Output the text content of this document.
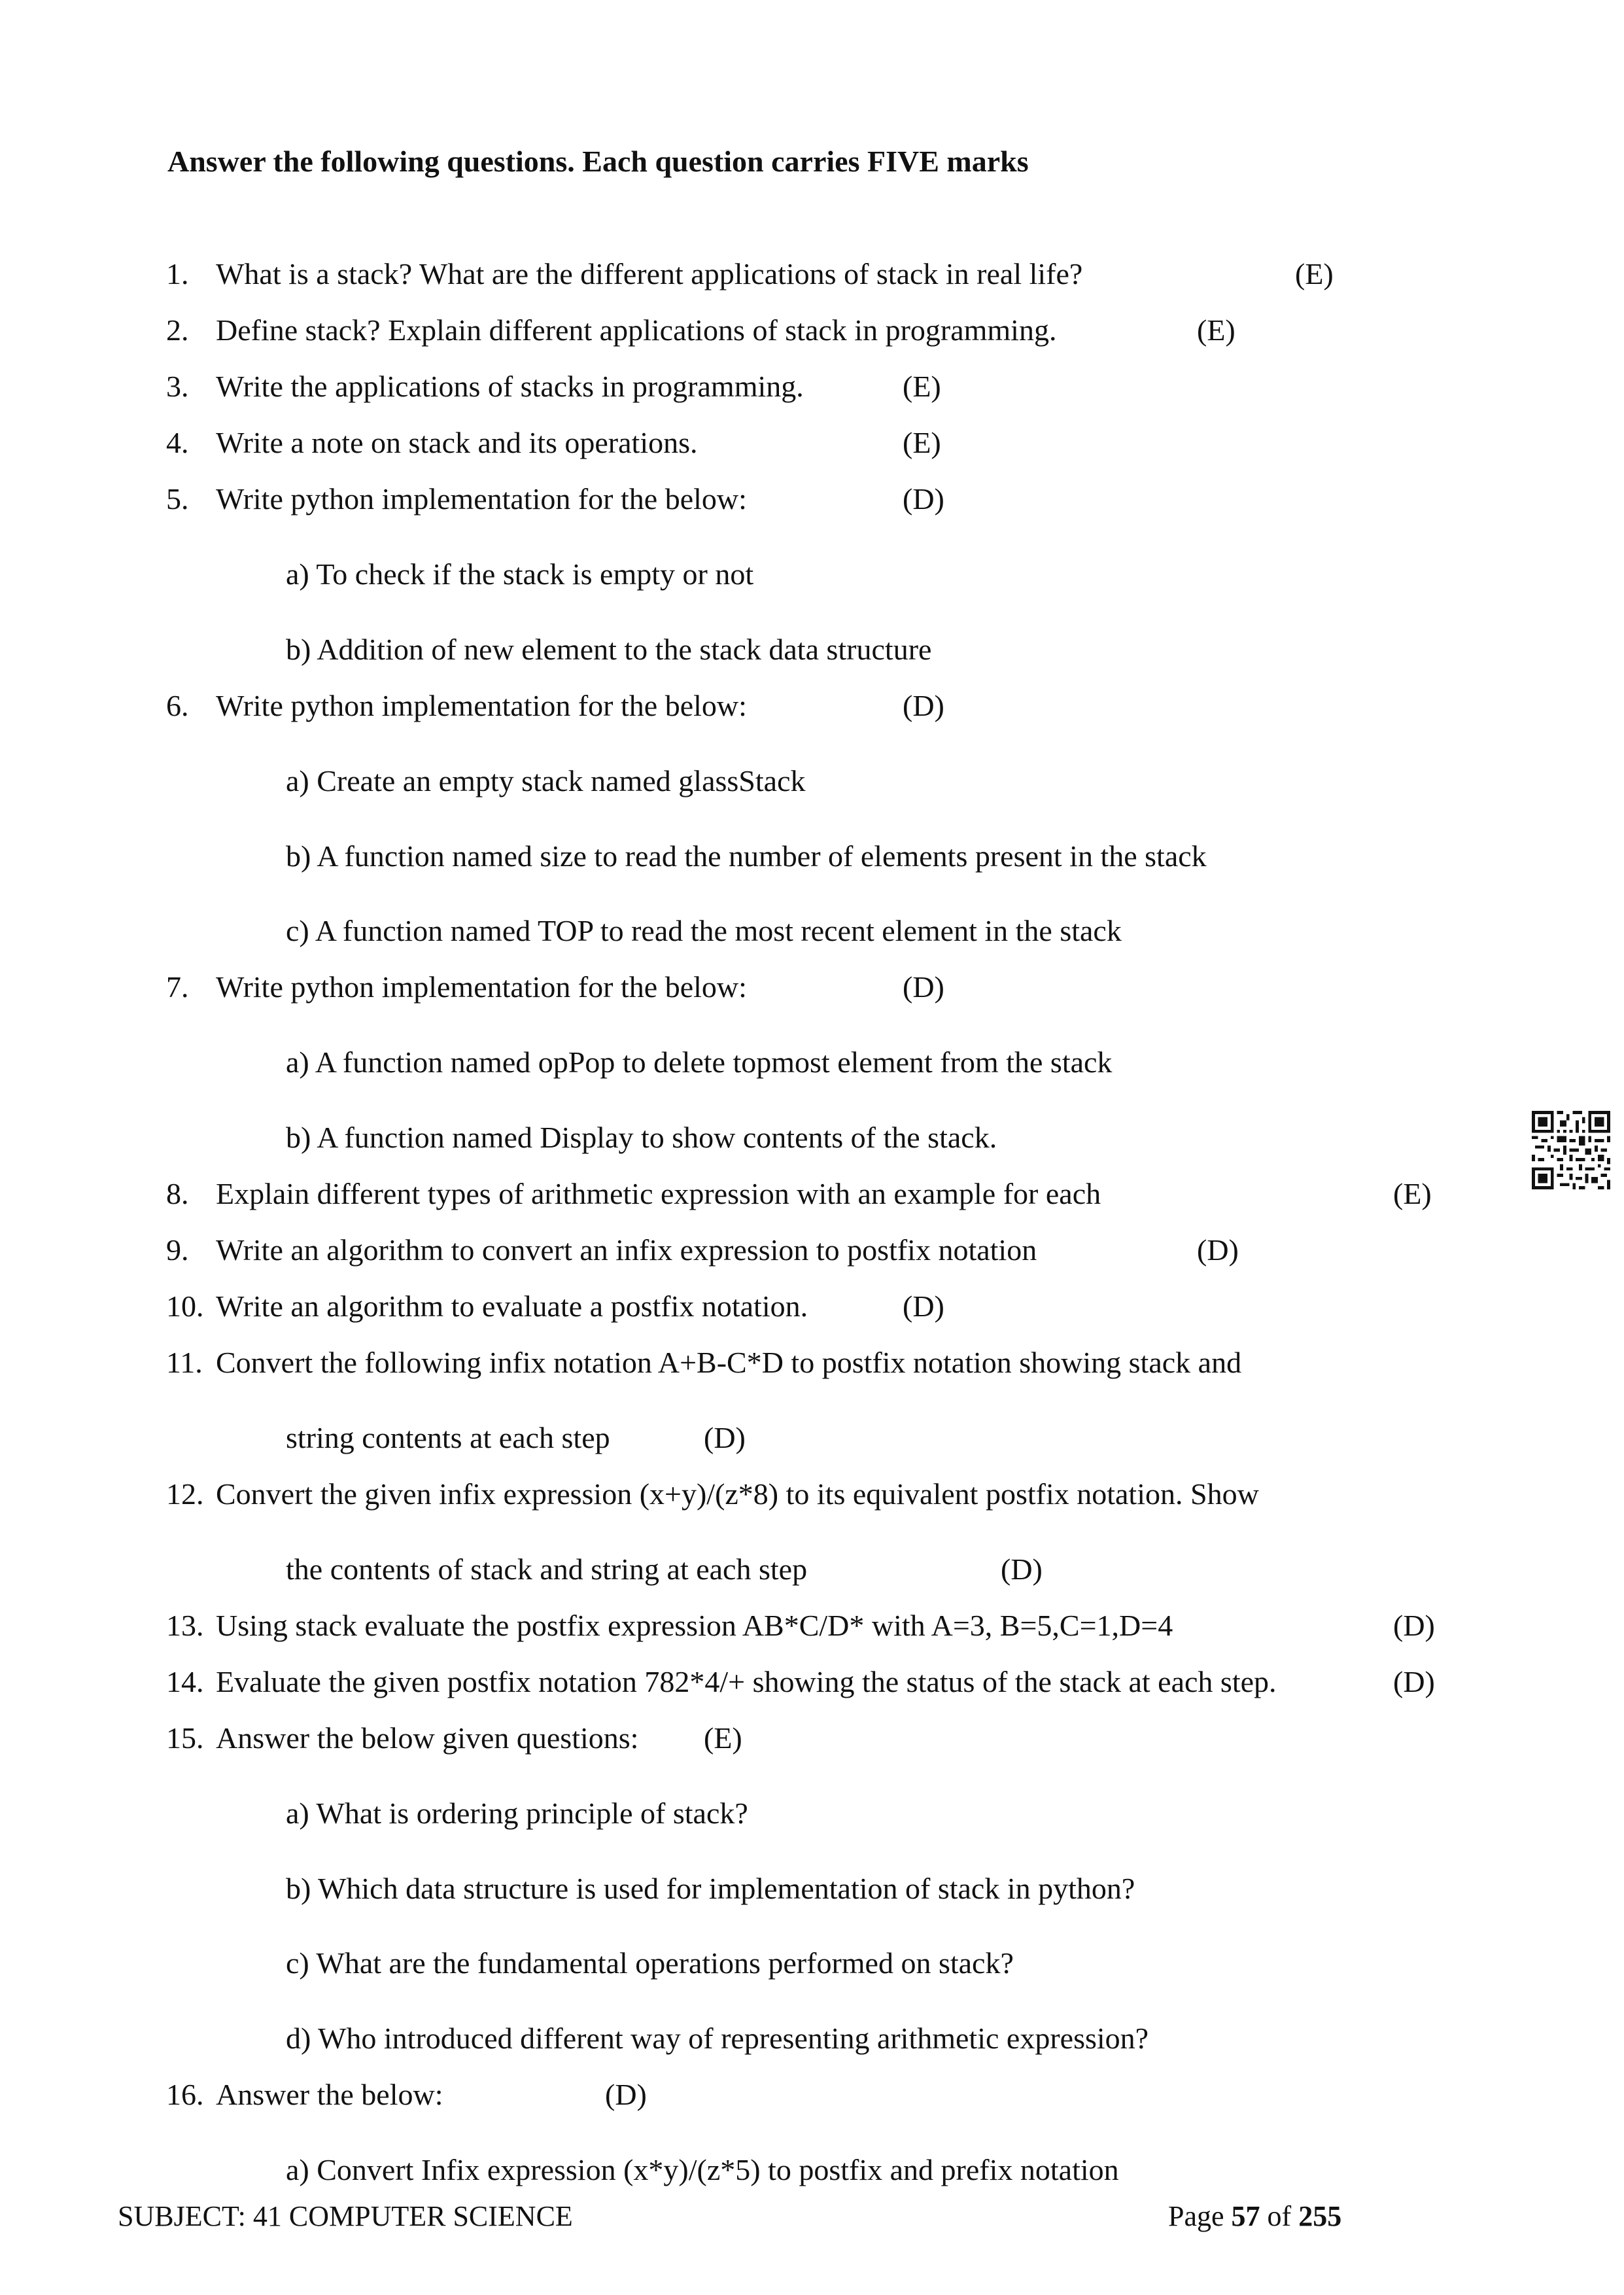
Answer the following questions. Each question carries FIVE marks
1. What is a stack? What are the different applications of stack in real life?	(E)
2. Define stack? Explain different applications of stack in programming.	(E)
3. Write the applications of stacks in programming.	(E)
4. Write a note on stack and its operations.	(E)
5. Write python implementation for the below:	(D)
a) To check if the stack is empty or not
b) Addition of new element to the stack data structure
6. Write python implementation for the below:	(D)
a) Create an empty stack named glassStack
b) A function named size to read the number of elements present in the stack
c) A function named TOP to read the most recent element in the stack
7. Write python implementation for the below:	(D)
a) A function named opPop to delete topmost element from the stack
b) A function named Display to show contents of the stack.
8. Explain different types of arithmetic expression with an example for each	(E)
9. Write an algorithm to convert an infix expression to postfix notation	(D)
10. Write an algorithm to evaluate a postfix notation.	(D)
11. Convert the following infix notation A+B-C*D to postfix notation showing stack and
string contents at each step	(D)
12. Convert the given infix expression (x+y)/(z*8) to its equivalent postfix notation. Show
the contents of stack and string at each step	(D)
13. Using stack evaluate the postfix expression AB*C/D* with A=3, B=5,C=1,D=4	(D)
14. Evaluate the given postfix notation 782*4/+ showing the status of the stack at each step.	(D)
15. Answer the below given questions: (E)
a) What is ordering principle of stack?
b) Which data structure is used for implementation of stack in python?
c) What are the fundamental operations performed on stack?
d) Who introduced different way of representing arithmetic expression?
16. Answer the below:	(D)
a) Convert Infix expression (x*y)/(z*5) to postfix and prefix notation
SUBJECT: 41 COMPUTER SCIENCE	Page 57 of 255
